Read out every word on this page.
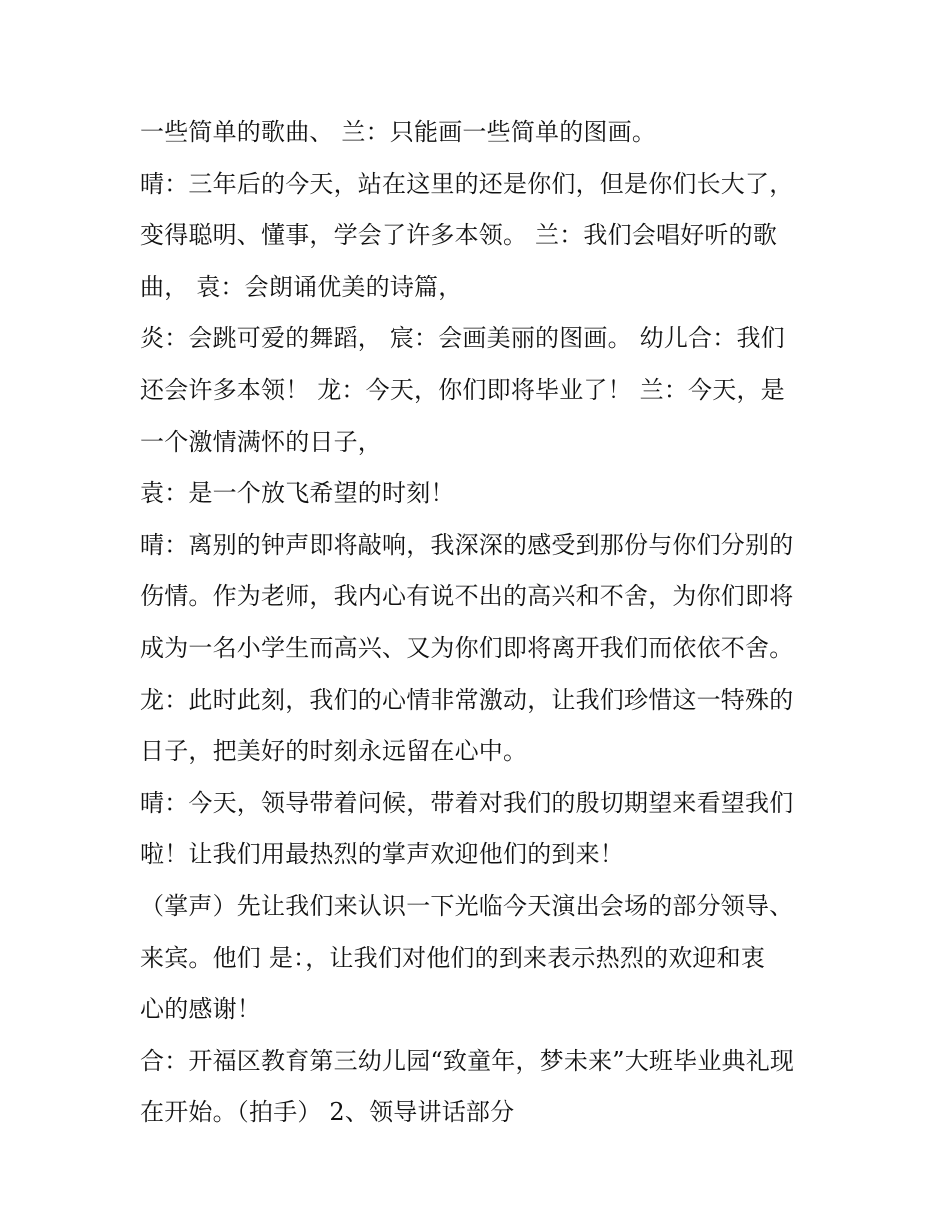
一些简单的歌曲、 兰：只能画一些简单的图画。
晴：三年后的今天，站在这里的还是你们，但是你们长大了，
变得聪明、懂事，学会了许多本领。 兰：我们会唱好听的歌
曲， 袁：会朗诵优美的诗篇，
炎：会跳可爱的舞蹈， 宸：会画美丽的图画。 幼儿合：我们
还会许多本领！ 龙：今天，你们即将毕业了！ 兰：今天，是
一个激情满怀的日子，
袁：是一个放飞希望的时刻！
晴：离别的钟声即将敲响，我深深的感受到那份与你们分别的
伤情。作为老师，我内心有说不出的高兴和不舍，为你们即将
成为一名小学生而高兴、又为你们即将离开我们而依依不舍。
龙：此时此刻，我们的心情非常激动，让我们珍惜这一特殊的
日子，把美好的时刻永远留在心中。
晴：今天，领导带着问候，带着对我们的殷切期望来看望我们
啦！让我们用最热烈的掌声欢迎他们的到来！
（掌声）先让我们来认识一下光临今天演出会场的部分领导、
来宾。他们 是：，让我们对他们的到来表示热烈的欢迎和衷
心的感谢！
合：开福区教育第三幼儿园“致童年，梦未来”大班毕业典礼现
在开始。（拍手） 2、领导讲话部分
